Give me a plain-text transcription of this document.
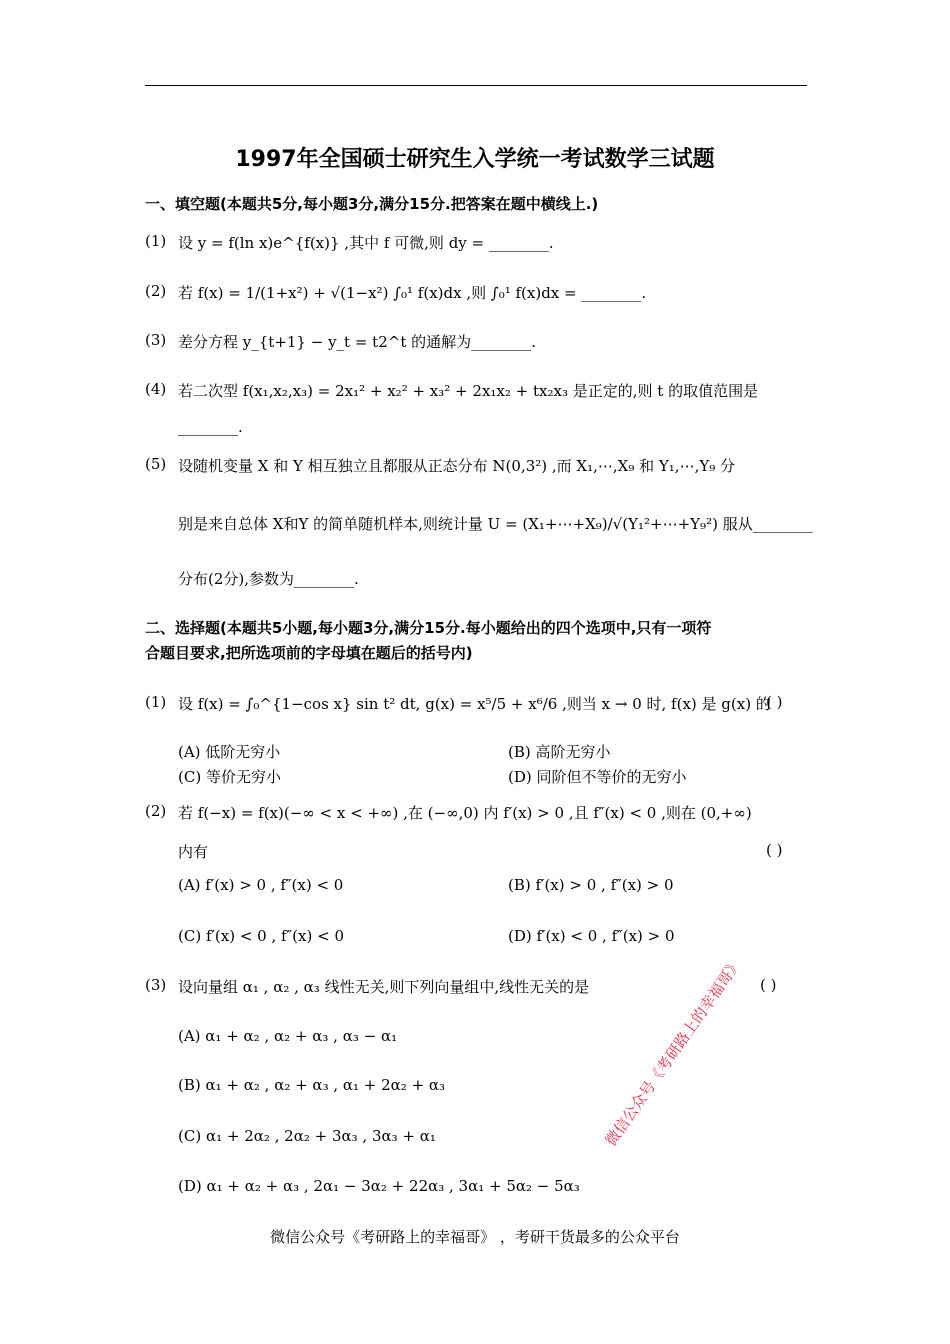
1997年全国硕士研究生入学统一考试数学三试题
一、填空题(本题共5分,每小题3分,满分15分.把答案在题中横线上.)
(1) 设 y = f(ln x)e^{f(x)} ,其中 f 可微,则 dy = ________.
(2) 若 f(x) = 1/(1+x²) + √(1−x²) ∫₀¹ f(x)dx ,则 ∫₀¹ f(x)dx = ________.
(3) 差分方程 y_{t+1} − y_t = t2^t 的通解为________.
(4) 若二次型 f(x₁,x₂,x₃) = 2x₁² + x₂² + x₃² + 2x₁x₂ + tx₂x₃ 是正定的,则 t 的取值范围是
________.
(5) 设随机变量 X 和 Y 相互独立且都服从正态分布 N(0,3²) ,而 X₁,⋯,X₉ 和 Y₁,⋯,Y₉ 分
别是来自总体 X和Y 的简单随机样本,则统计量 U = (X₁+⋯+X₉)/√(Y₁²+⋯+Y₉²) 服从________
分布(2分),参数为________.
二、选择题(本题共5小题,每小题3分,满分15分.每小题给出的四个选项中,只有一项符
合题目要求,把所选项前的字母填在题后的括号内)
(1) 设 f(x) = ∫₀^{1−cos x} sin t² dt, g(x) = x⁵/5 + x⁶/6 ,则当 x → 0 时, f(x) 是 g(x) 的
( )
(A) 低阶无穷小	(B) 高阶无穷小
(C) 等价无穷小	(D) 同阶但不等价的无穷小
(2) 若 f(−x) = f(x)(−∞ < x < +∞) ,在 (−∞,0) 内 f′(x) > 0 ,且 f″(x) < 0 ,则在 (0,+∞)
内有	( )
(A) f′(x) > 0 , f″(x) < 0	(B) f′(x) > 0 , f″(x) > 0
(C) f′(x) < 0 , f″(x) < 0	(D) f′(x) < 0 , f″(x) > 0
(3) 设向量组 α₁ , α₂ , α₃ 线性无关,则下列向量组中,线性无关的是	( )
(A) α₁ + α₂ , α₂ + α₃ , α₃ − α₁
(B) α₁ + α₂ , α₂ + α₃ , α₁ + 2α₂ + α₃
(C) α₁ + 2α₂ , 2α₂ + 3α₃ , 3α₃ + α₁
(D) α₁ + α₂ + α₃ , 2α₁ − 3α₂ + 22α₃ , 3α₁ + 5α₂ − 5α₃
微信公众号《考研路上的幸福哥》
微信公众号《考研路上的幸福哥》 ，考研干货最多的公众平台
